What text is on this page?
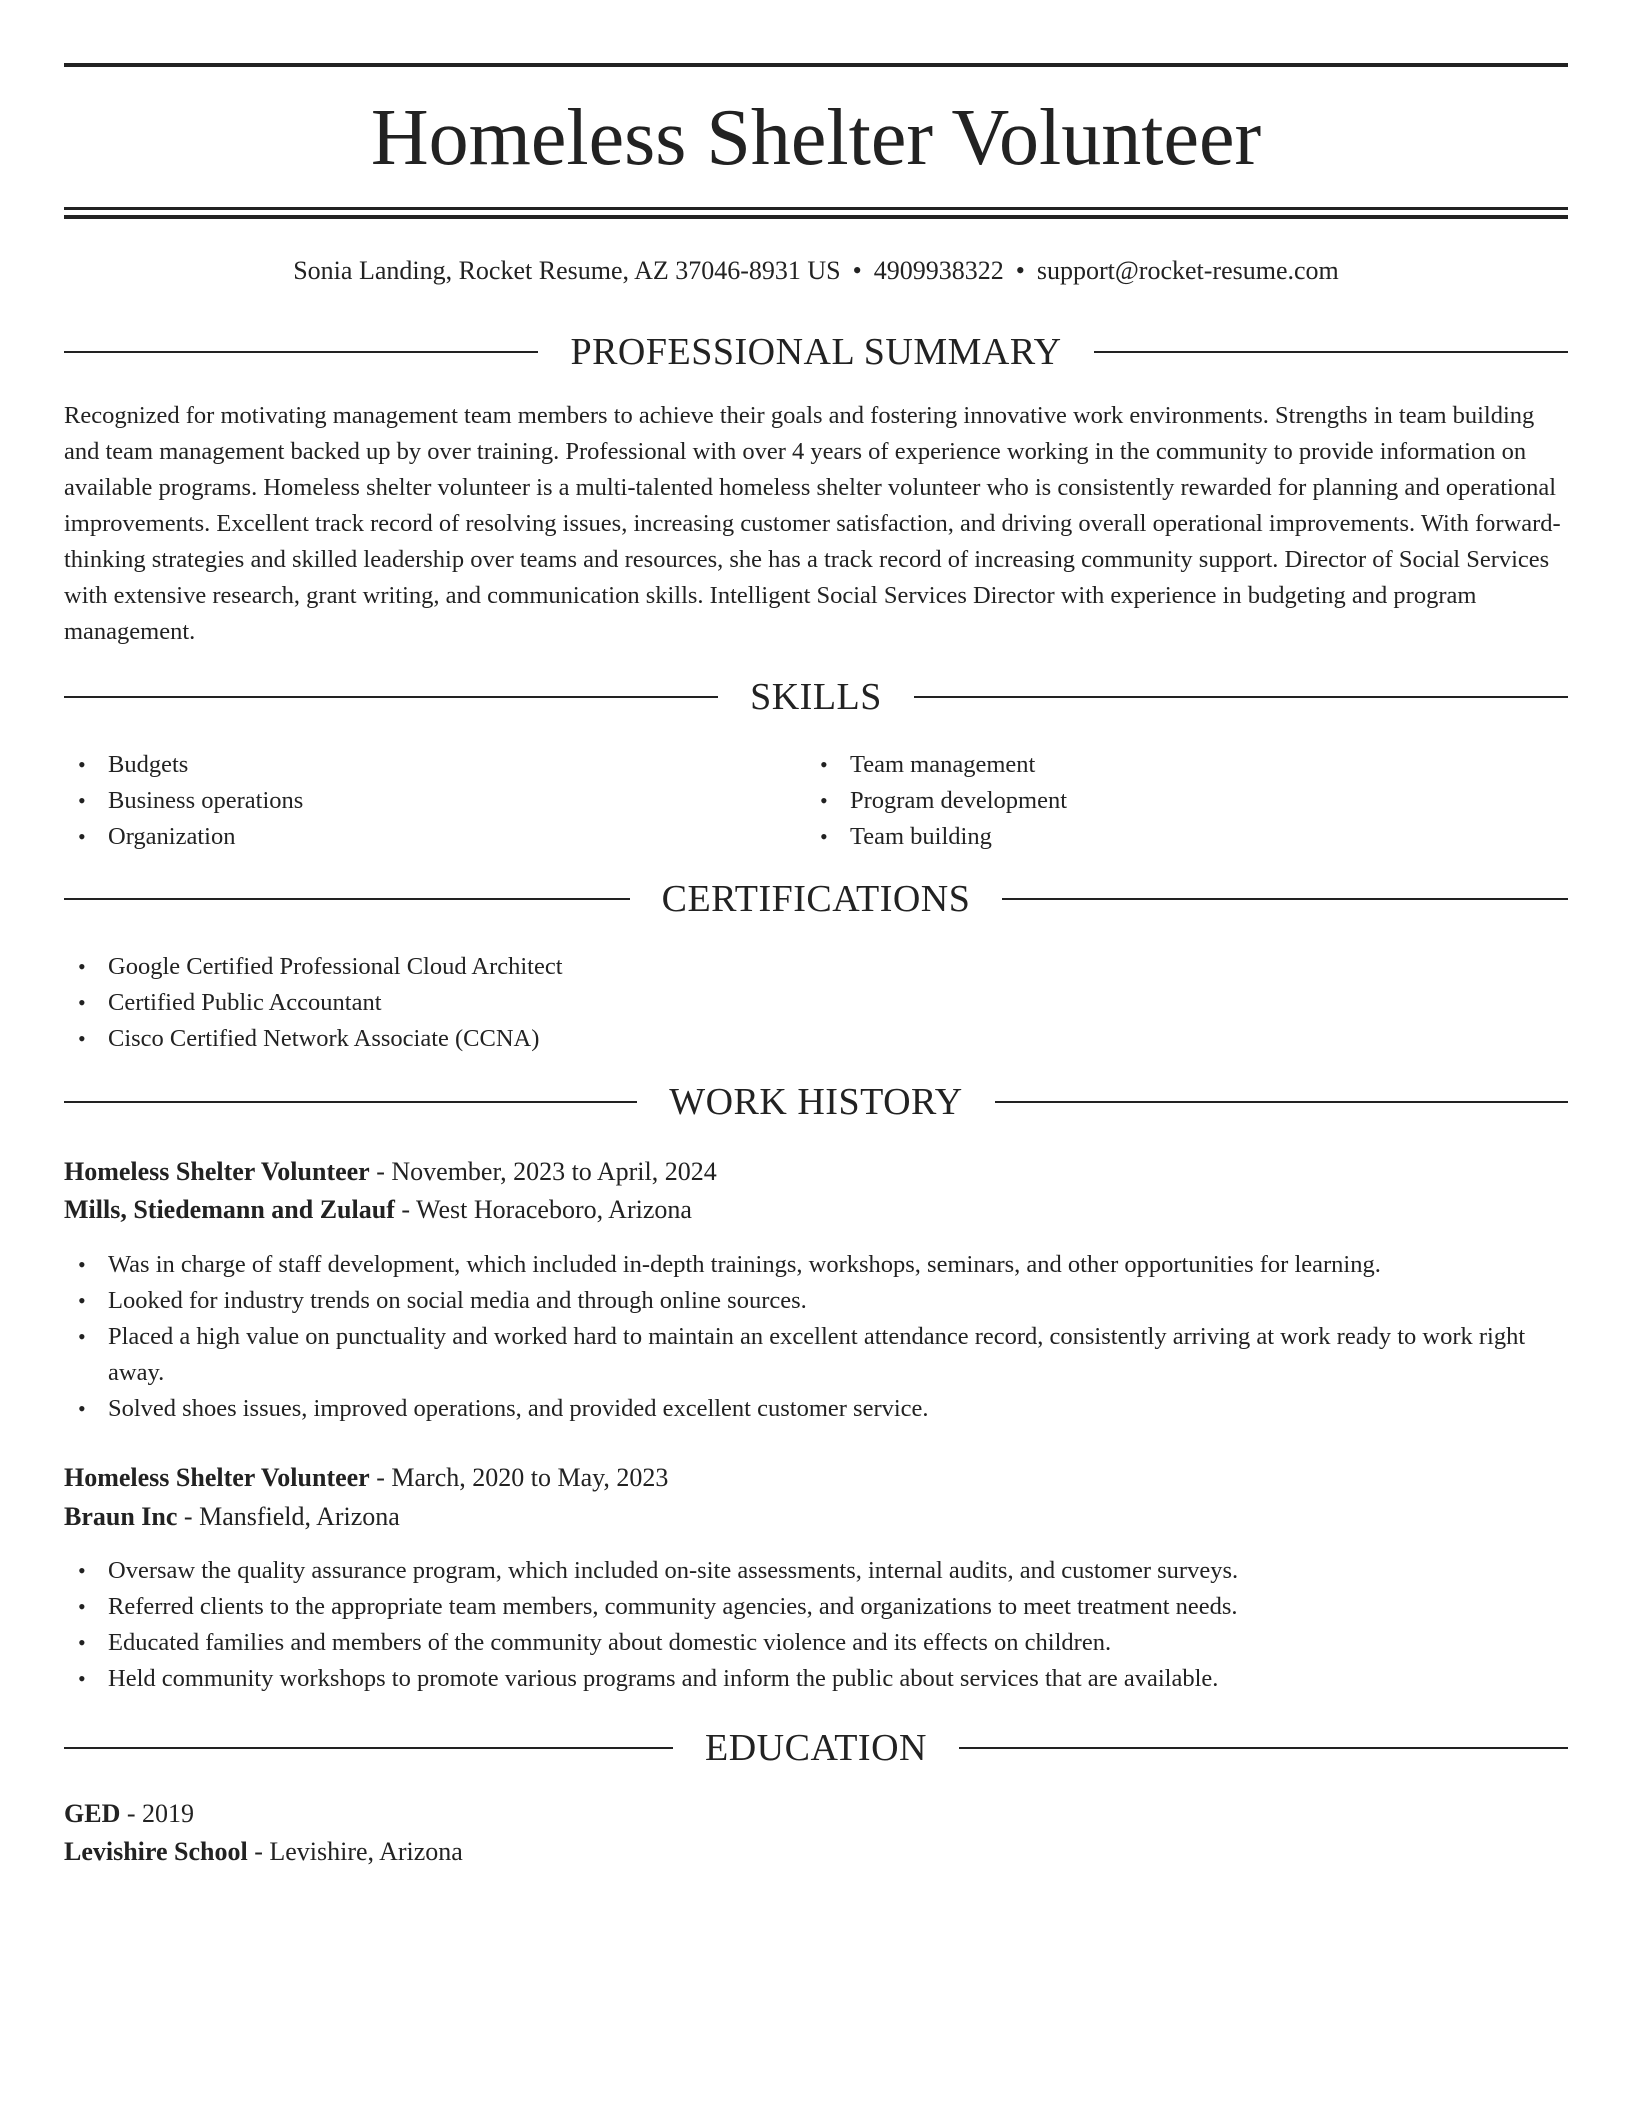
Homeless Shelter Volunteer
Sonia Landing, Rocket Resume, AZ 37046-8931 US • 4909938322 • support@rocket-resume.com
PROFESSIONAL SUMMARY

Recognized for motivating management team members to achieve their goals and fostering innovative work environments. Strengths in team building and team management backed up by over training. Professional with over 4 years of experience working in the community to provide information on available programs. Homeless shelter volunteer is a multi-talented homeless shelter volunteer who is consistently rewarded for planning and operational improvements. Excellent track record of resolving issues, increasing customer satisfaction, and driving overall operational improvements. With forward-thinking strategies and skilled leadership over teams and resources, she has a track record of increasing community support. Director of Social Services with extensive research, grant writing, and communication skills. Intelligent Social Services Director with experience in budgeting and program management.

SKILLS
• Budgets
• Business operations
• Organization
• Team management
• Program development
• Team building
CERTIFICATIONS
• Google Certified Professional Cloud Architect
• Certified Public Accountant
• Cisco Certified Network Associate (CCNA)
WORK HISTORY
Homeless Shelter Volunteer - November, 2023 to April, 2024
Mills, Stiedemann and Zulauf - West Horaceboro, Arizona
• Was in charge of staff development, which included in-depth trainings, workshops, seminars, and other opportunities for learning.
• Looked for industry trends on social media and through online sources.
• Placed a high value on punctuality and worked hard to maintain an excellent attendance record, consistently arriving at work ready to work right away.
• Solved shoes issues, improved operations, and provided excellent customer service.
Homeless Shelter Volunteer - March, 2020 to May, 2023
Braun Inc - Mansfield, Arizona
• Oversaw the quality assurance program, which included on-site assessments, internal audits, and customer surveys.
• Referred clients to the appropriate team members, community agencies, and organizations to meet treatment needs.
• Educated families and members of the community about domestic violence and its effects on children.
• Held community workshops to promote various programs and inform the public about services that are available.
EDUCATION
GED - 2019
Levishire School - Levishire, Arizona
